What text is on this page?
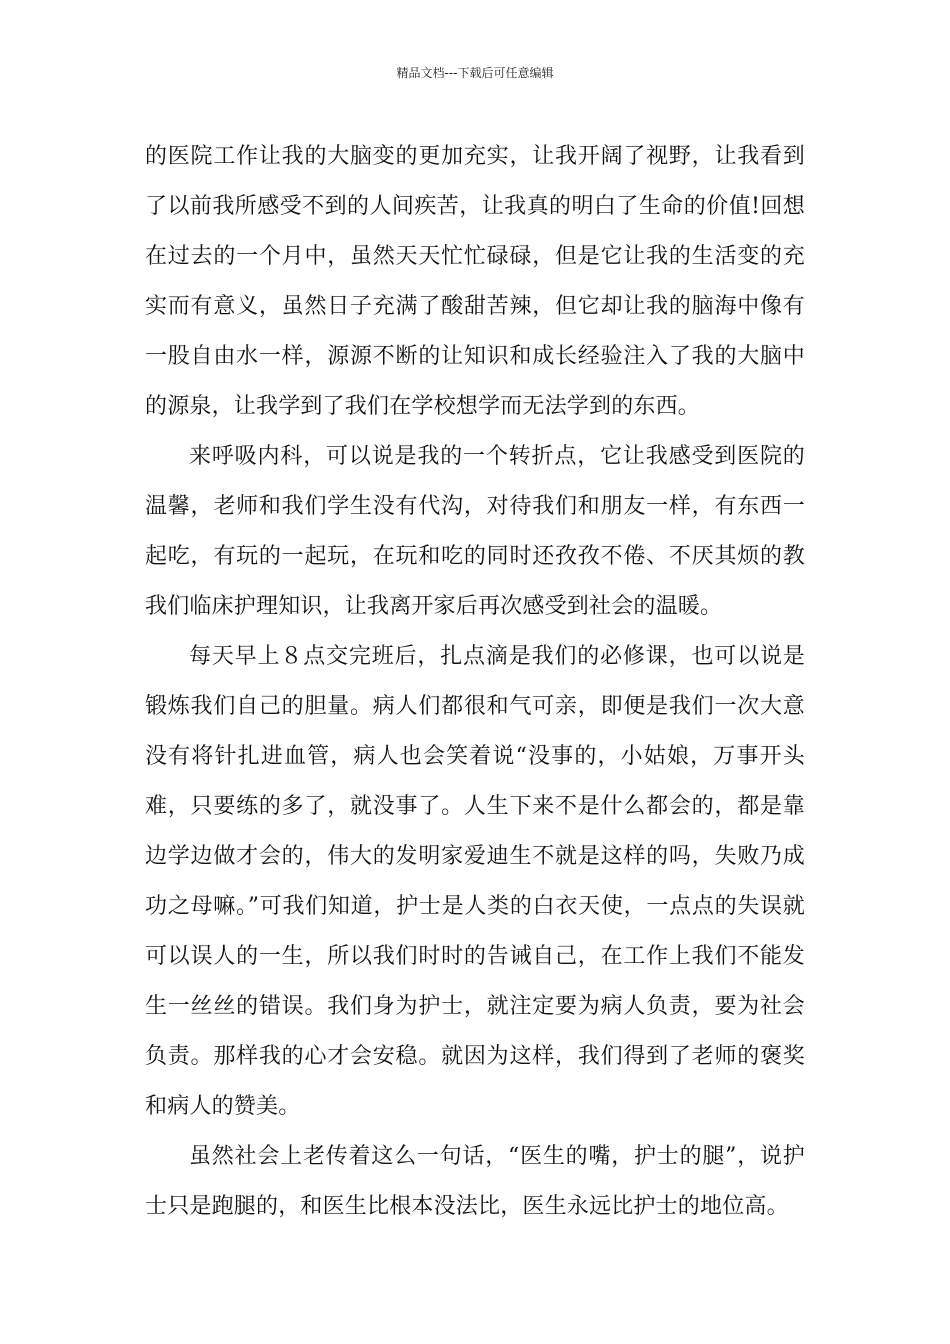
精品文档---下载后可任意编辑

的医院工作让我的大脑变的更加充实，让我开阔了视野，让我看到了以前我所感受不到的人间疾苦，让我真的明白了生命的价值!回想在过去的一个月中，虽然天天忙忙碌碌，但是它让我的生活变的充实而有意义，虽然日子充满了酸甜苦辣，但它却让我的脑海中像有一股自由水一样，源源不断的让知识和成长经验注入了我的大脑中的源泉，让我学到了我们在学校想学而无法学到的东西。

来呼吸内科，可以说是我的一个转折点，它让我感受到医院的温馨，老师和我们学生没有代沟，对待我们和朋友一样，有东西一起吃，有玩的一起玩，在玩和吃的同时还孜孜不倦、不厌其烦的教我们临床护理知识，让我离开家后再次感受到社会的温暖。

每天早上８点交完班后，扎点滴是我们的必修课，也可以说是锻炼我们自己的胆量。病人们都很和气可亲，即便是我们一次大意没有将针扎进血管，病人也会笑着说“没事的，小姑娘，万事开头难，只要练的多了，就没事了。人生下来不是什么都会的，都是靠边学边做才会的，伟大的发明家爱迪生不就是这样的吗，失败乃成功之母嘛。”可我们知道，护士是人类的白衣天使，一点点的失误就可以误人的一生，所以我们时时的告诫自己，在工作上我们不能发生一丝丝的错误。我们身为护士，就注定要为病人负责，要为社会负责。那样我的心才会安稳。就因为这样，我们得到了老师的褒奖和病人的赞美。

虽然社会上老传着这么一句话，“医生的嘴，护士的腿”，说护士只是跑腿的，和医生比根本没法比，医生永远比护士的地位高。
